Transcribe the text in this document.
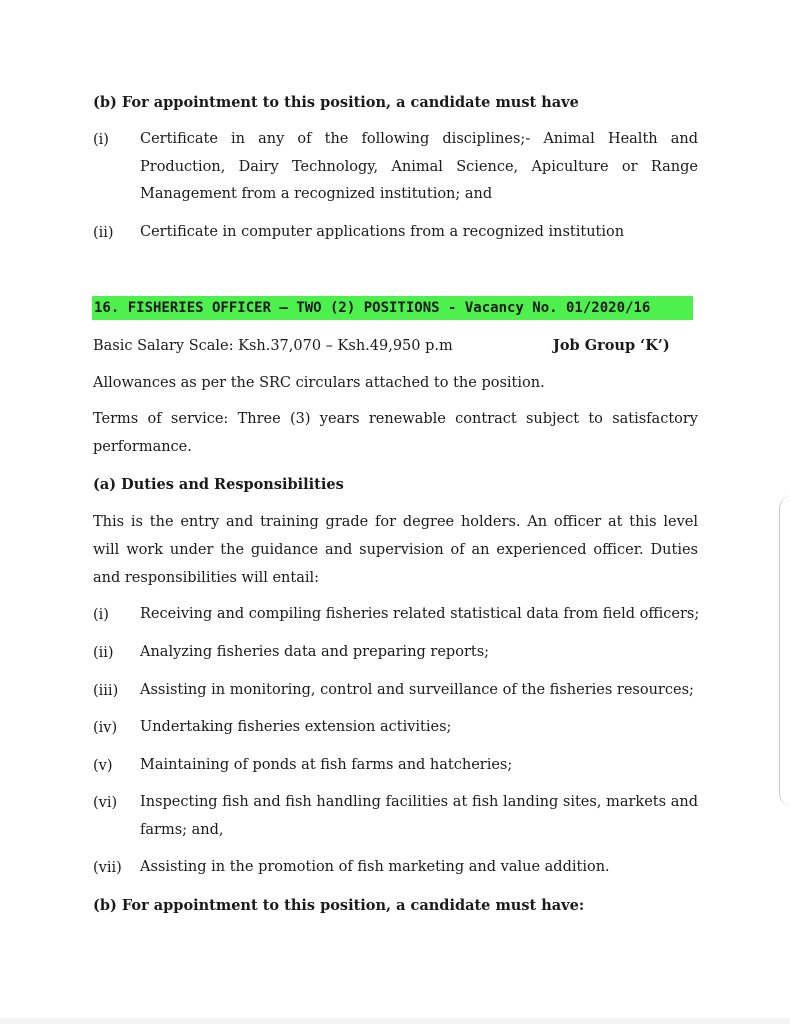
(b) For appointment to this position, a candidate must have
(i) Certificate in any of the following disciplines;- Animal Health and Production, Dairy Technology, Animal Science, Apiculture or Range Management from a recognized institution; and
(ii) Certificate in computer applications from a recognized institution
16. FISHERIES OFFICER – TWO (2) POSITIONS - Vacancy No. 01/2020/16
Basic Salary Scale: Ksh.37,070 – Ksh.49,950 p.m	Job Group ‘K’)
Allowances as per the SRC circulars attached to the position.
Terms of service: Three (3) years renewable contract subject to satisfactory performance.
(a) Duties and Responsibilities
This is the entry and training grade for degree holders. An officer at this level will work under the guidance and supervision of an experienced officer. Duties and responsibilities will entail:
(i) Receiving and compiling fisheries related statistical data from field officers;
(ii) Analyzing fisheries data and preparing reports;
(iii) Assisting in monitoring, control and surveillance of the fisheries resources;
(iv) Undertaking fisheries extension activities;
(v) Maintaining of ponds at fish farms and hatcheries;
(vi) Inspecting fish and fish handling facilities at fish landing sites, markets and farms; and,
(vii) Assisting in the promotion of fish marketing and value addition.
(b) For appointment to this position, a candidate must have:
